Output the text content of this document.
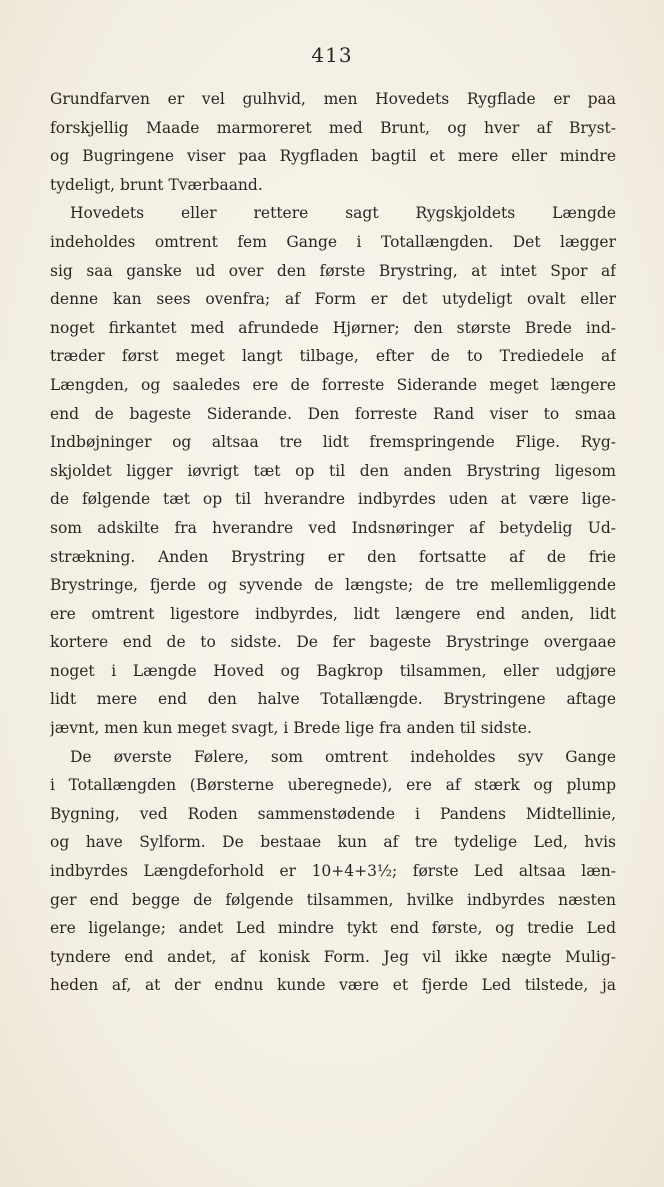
413
Grundfarven er vel gulhvid, men Hovedets Rygflade er paa
forskjellig Maade marmoreret med Brunt, og hver af Bryst-
og Bugringene viser paa Rygfladen bagtil et mere eller mindre
tydeligt, brunt Tværbaand.
Hovedets eller rettere sagt Rygskjoldets Længde
indeholdes omtrent fem Gange i Totallængden. Det lægger
sig saa ganske ud over den første Brystring, at intet Spor af
denne kan sees ovenfra; af Form er det utydeligt ovalt eller
noget firkantet med afrundede Hjørner; den største Brede ind-
træder først meget langt tilbage, efter de to Trediedele af
Længden, og saaledes ere de forreste Siderande meget længere
end de bageste Siderande. Den forreste Rand viser to smaa
Indbøjninger og altsaa tre lidt fremspringende Flige. Ryg-
skjoldet ligger iøvrigt tæt op til den anden Brystring ligesom
de følgende tæt op til hverandre indbyrdes uden at være lige-
som adskilte fra hverandre ved Indsnøringer af betydelig Ud-
strækning. Anden Brystring er den fortsatte af de frie
Brystringe, fjerde og syvende de længste; de tre mellemliggende
ere omtrent ligestore indbyrdes, lidt længere end anden, lidt
kortere end de to sidste. De fer bageste Brystringe overgaae
noget i Længde Hoved og Bagkrop tilsammen, eller udgjøre
lidt mere end den halve Totallængde. Brystringene aftage
jævnt, men kun meget svagt, i Brede lige fra anden til sidste.
De øverste Følere, som omtrent indeholdes syv Gange
i Totallængden (Børsterne uberegnede), ere af stærk og plump
Bygning, ved Roden sammenstødende i Pandens Midtellinie,
og have Sylform. De bestaae kun af tre tydelige Led, hvis
indbyrdes Længdeforhold er 10+4+3½; første Led altsaa læn-
ger end begge de følgende tilsammen, hvilke indbyrdes næsten
ere ligelange; andet Led mindre tykt end første, og tredie Led
tyndere end andet, af konisk Form. Jeg vil ikke nægte Mulig-
heden af, at der endnu kunde være et fjerde Led tilstede, ja
